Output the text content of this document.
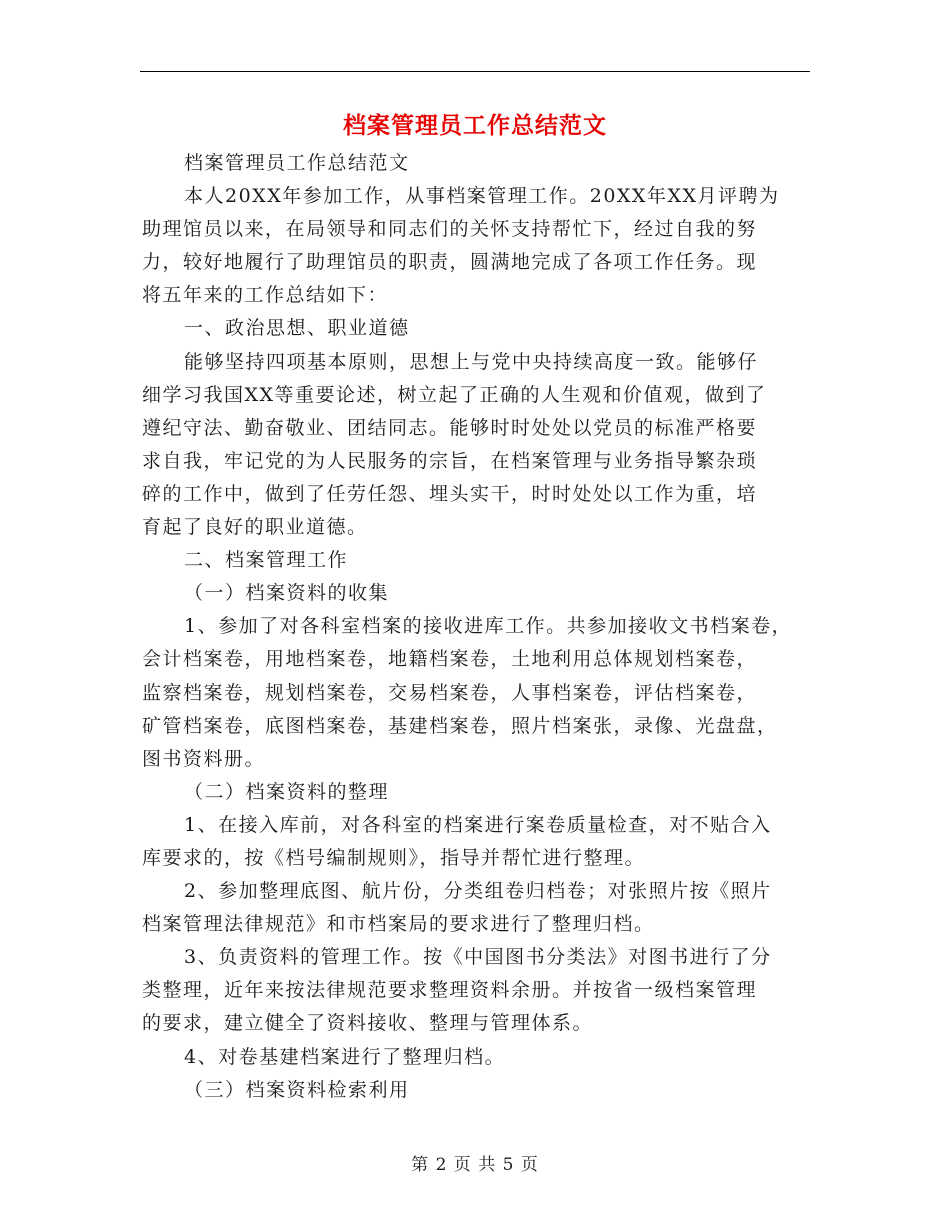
档案管理员工作总结范文

档案管理员工作总结范文

本人20XX年参加工作，从事档案管理工作。20XX年XX月评聘为

助理馆员以来，在局领导和同志们的关怀支持帮忙下，经过自我的努

力，较好地履行了助理馆员的职责，圆满地完成了各项工作任务。现

将五年来的工作总结如下：

一、政治思想、职业道德

能够坚持四项基本原则，思想上与党中央持续高度一致。能够仔

细学习我国XX等重要论述，树立起了正确的人生观和价值观，做到了

遵纪守法、勤奋敬业、团结同志。能够时时处处以党员的标准严格要

求自我，牢记党的为人民服务的宗旨，在档案管理与业务指导繁杂琐

碎的工作中，做到了任劳任怨、埋头实干，时时处处以工作为重，培

育起了良好的职业道德。

二、档案管理工作

（一）档案资料的收集

1、参加了对各科室档案的接收进库工作。共参加接收文书档案卷，

会计档案卷，用地档案卷，地籍档案卷，土地利用总体规划档案卷，

监察档案卷，规划档案卷，交易档案卷，人事档案卷，评估档案卷，

矿管档案卷，底图档案卷，基建档案卷，照片档案张，录像、光盘盘，

图书资料册。

（二）档案资料的整理

1、在接入库前，对各科室的档案进行案卷质量检查，对不贴合入

库要求的，按《档号编制规则》，指导并帮忙进行整理。

2、参加整理底图、航片份，分类组卷归档卷；对张照片按《照片

档案管理法律规范》和市档案局的要求进行了整理归档。

3、负责资料的管理工作。按《中国图书分类法》对图书进行了分

类整理，近年来按法律规范要求整理资料余册。并按省一级档案管理

的要求，建立健全了资料接收、整理与管理体系。

4、对卷基建档案进行了整理归档。

（三）档案资料检索利用

第 2 页 共 5 页
